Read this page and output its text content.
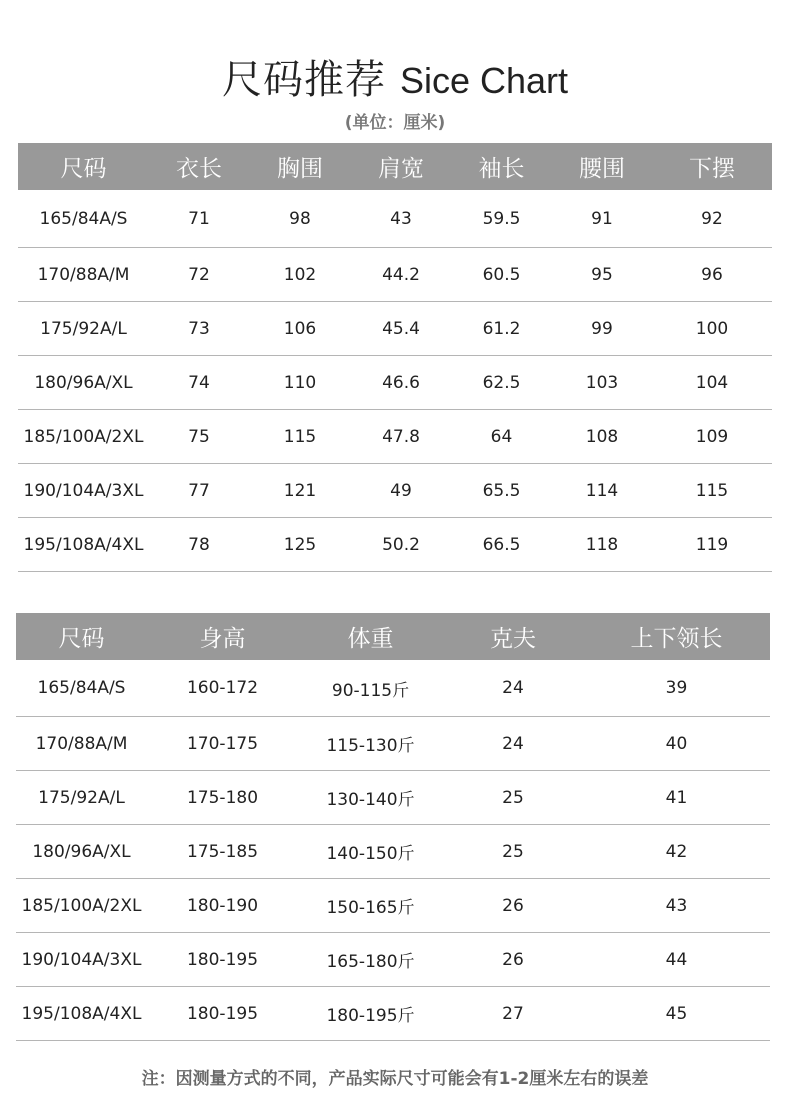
尺码推荐 Sice Chart
(单位：厘米)
尺码	衣长	胸围	肩宽	袖长	腰围	下摆
165/84A/S	71	98	43	59.5	91	92
170/88A/M	72	102	44.2	60.5	95	96
175/92A/L	73	106	45.4	61.2	99	100
180/96A/XL	74	110	46.6	62.5	103	104
185/100A/2XL	75	115	47.8	64	108	109
190/104A/3XL	77	121	49	65.5	114	115
195/108A/4XL	78	125	50.2	66.5	118	119
尺码	身高	体重	克夫	上下领长
165/84A/S	160-172	90-115斤	24	39
170/88A/M	170-175	115-130斤	24	40
175/92A/L	175-180	130-140斤	25	41
180/96A/XL	175-185	140-150斤	25	42
185/100A/2XL	180-190	150-165斤	26	43
190/104A/3XL	180-195	165-180斤	26	44
195/108A/4XL	180-195	180-195斤	27	45
注：因测量方式的不同，产品实际尺寸可能会有1-2厘米左右的误差
